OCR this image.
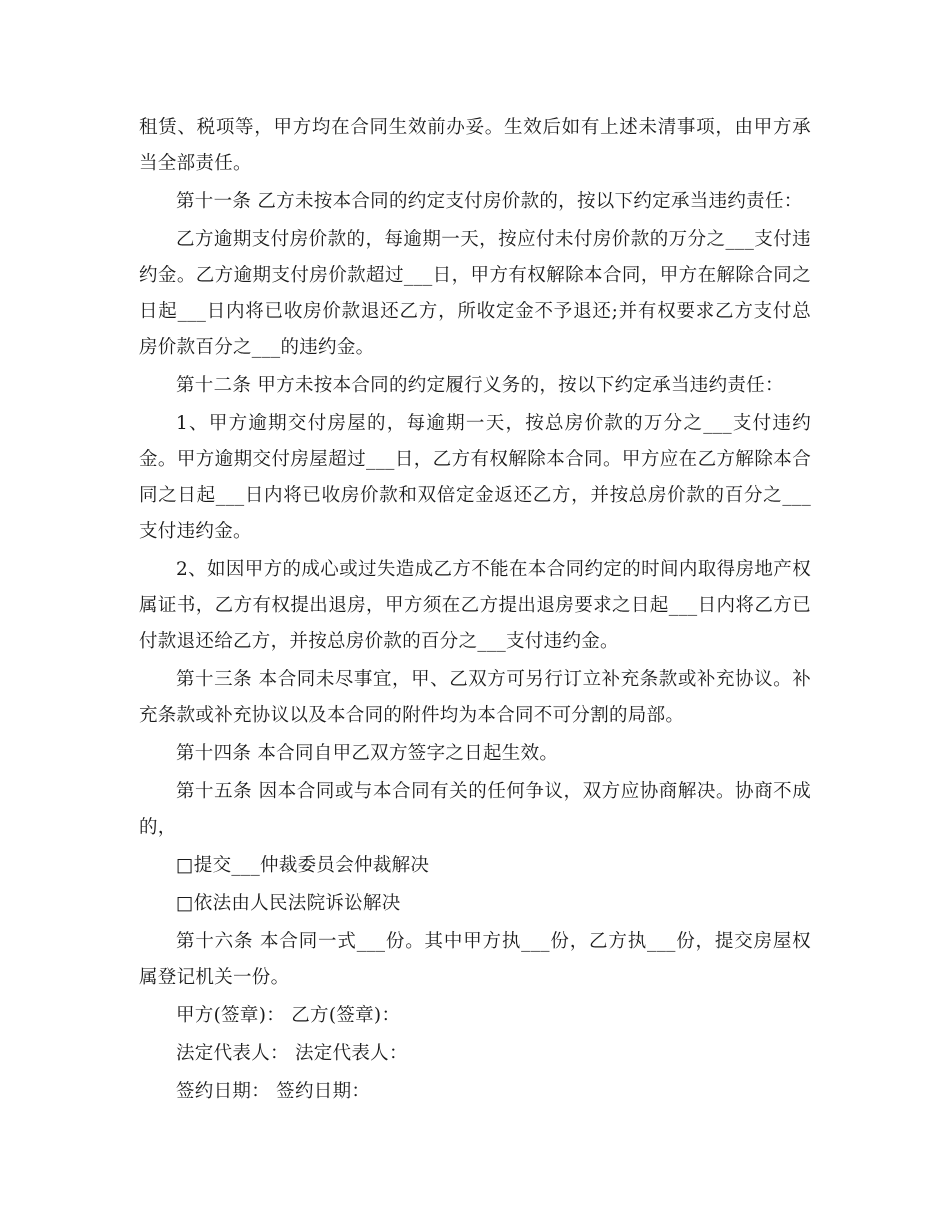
租赁、税项等，甲方均在合同生效前办妥。生效后如有上述未清事项，由甲方承当全部责任。

第十一条 乙方未按本合同的约定支付房价款的，按以下约定承当违约责任：

乙方逾期支付房价款的，每逾期一天，按应付未付房价款的万分之___支付违约金。乙方逾期支付房价款超过___日，甲方有权解除本合同，甲方在解除合同之日起___日内将已收房价款退还乙方，所收定金不予退还;并有权要求乙方支付总房价款百分之___的违约金。

第十二条 甲方未按本合同的约定履行义务的，按以下约定承当违约责任：

1、甲方逾期交付房屋的，每逾期一天，按总房价款的万分之___支付违约金。甲方逾期交付房屋超过___日，乙方有权解除本合同。甲方应在乙方解除本合同之日起___日内将已收房价款和双倍定金返还乙方，并按总房价款的百分之___支付违约金。

2、如因甲方的成心或过失造成乙方不能在本合同约定的时间内取得房地产权属证书，乙方有权提出退房，甲方须在乙方提出退房要求之日起___日内将乙方已付款退还给乙方，并按总房价款的百分之___支付违约金。

第十三条 本合同未尽事宜，甲、乙双方可另行订立补充条款或补充协议。补充条款或补充协议以及本合同的附件均为本合同不可分割的局部。

第十四条 本合同自甲乙双方签字之日起生效。

第十五条 因本合同或与本合同有关的任何争议，双方应协商解决。协商不成的，

□提交___仲裁委员会仲裁解决

□依法由人民法院诉讼解决

第十六条 本合同一式___份。其中甲方执___份，乙方执___份，提交房屋权属登记机关一份。

甲方(签章)： 乙方(签章)：

法定代表人： 法定代表人：

签约日期： 签约日期：
